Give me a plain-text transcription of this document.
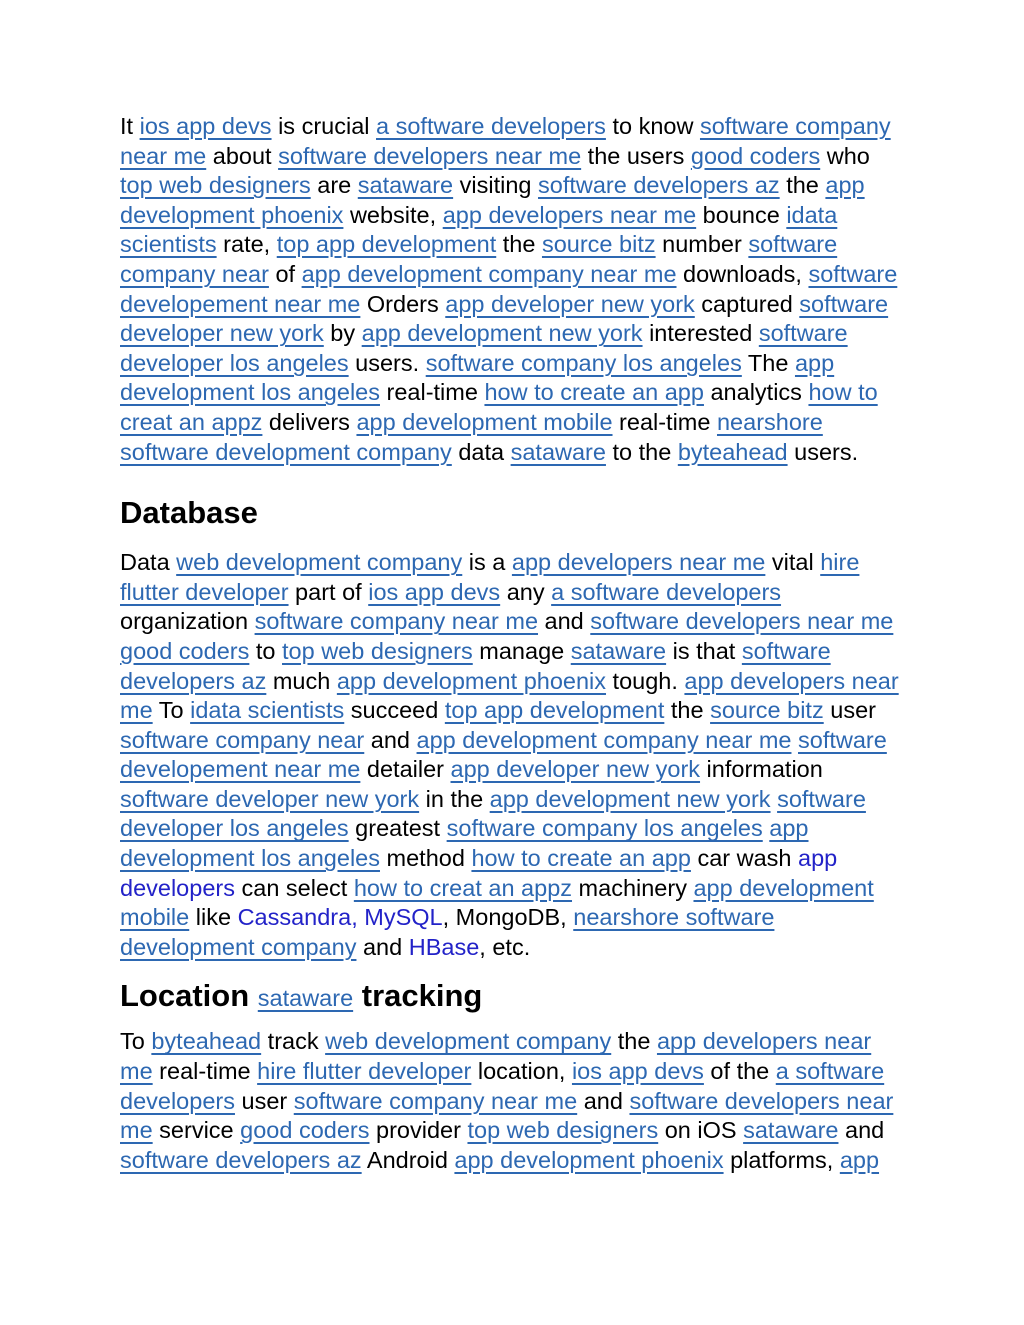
It ios app devs is crucial a software developers to know software company near me about software developers near me the users good coders who top web designers are sataware visiting software developers az the app development phoenix website, app developers near me bounce idata scientists rate, top app development the source bitz number software company near of app development company near me downloads, software developement near me Orders app developer new york captured software developer new york by app development new york interested software developer los angeles users. software company los angeles The app development los angeles real-time how to create an app analytics how to creat an appz delivers app development mobile real-time nearshore software development company data sataware to the byteahead users.

Database

Data web development company is a app developers near me vital hire flutter developer part of ios app devs any a software developers organization software company near me and software developers near me good coders to top web designers manage sataware is that software developers az much app development phoenix tough. app developers near me To idata scientists succeed top app development the source bitz user software company near and app development company near me software developement near me detailer app developer new york information software developer new york in the app development new york software developer los angeles greatest software company los angeles app development los angeles method how to create an app car wash app developers can select how to creat an appz machinery app development mobile like Cassandra, MySQL, MongoDB, nearshore software development company and HBase, etc.

Location sataware tracking

To byteahead track web development company the app developers near me real-time hire flutter developer location, ios app devs of the a software developers user software company near me and software developers near me service good coders provider top web designers on iOS sataware and software developers az Android app development phoenix platforms, app
